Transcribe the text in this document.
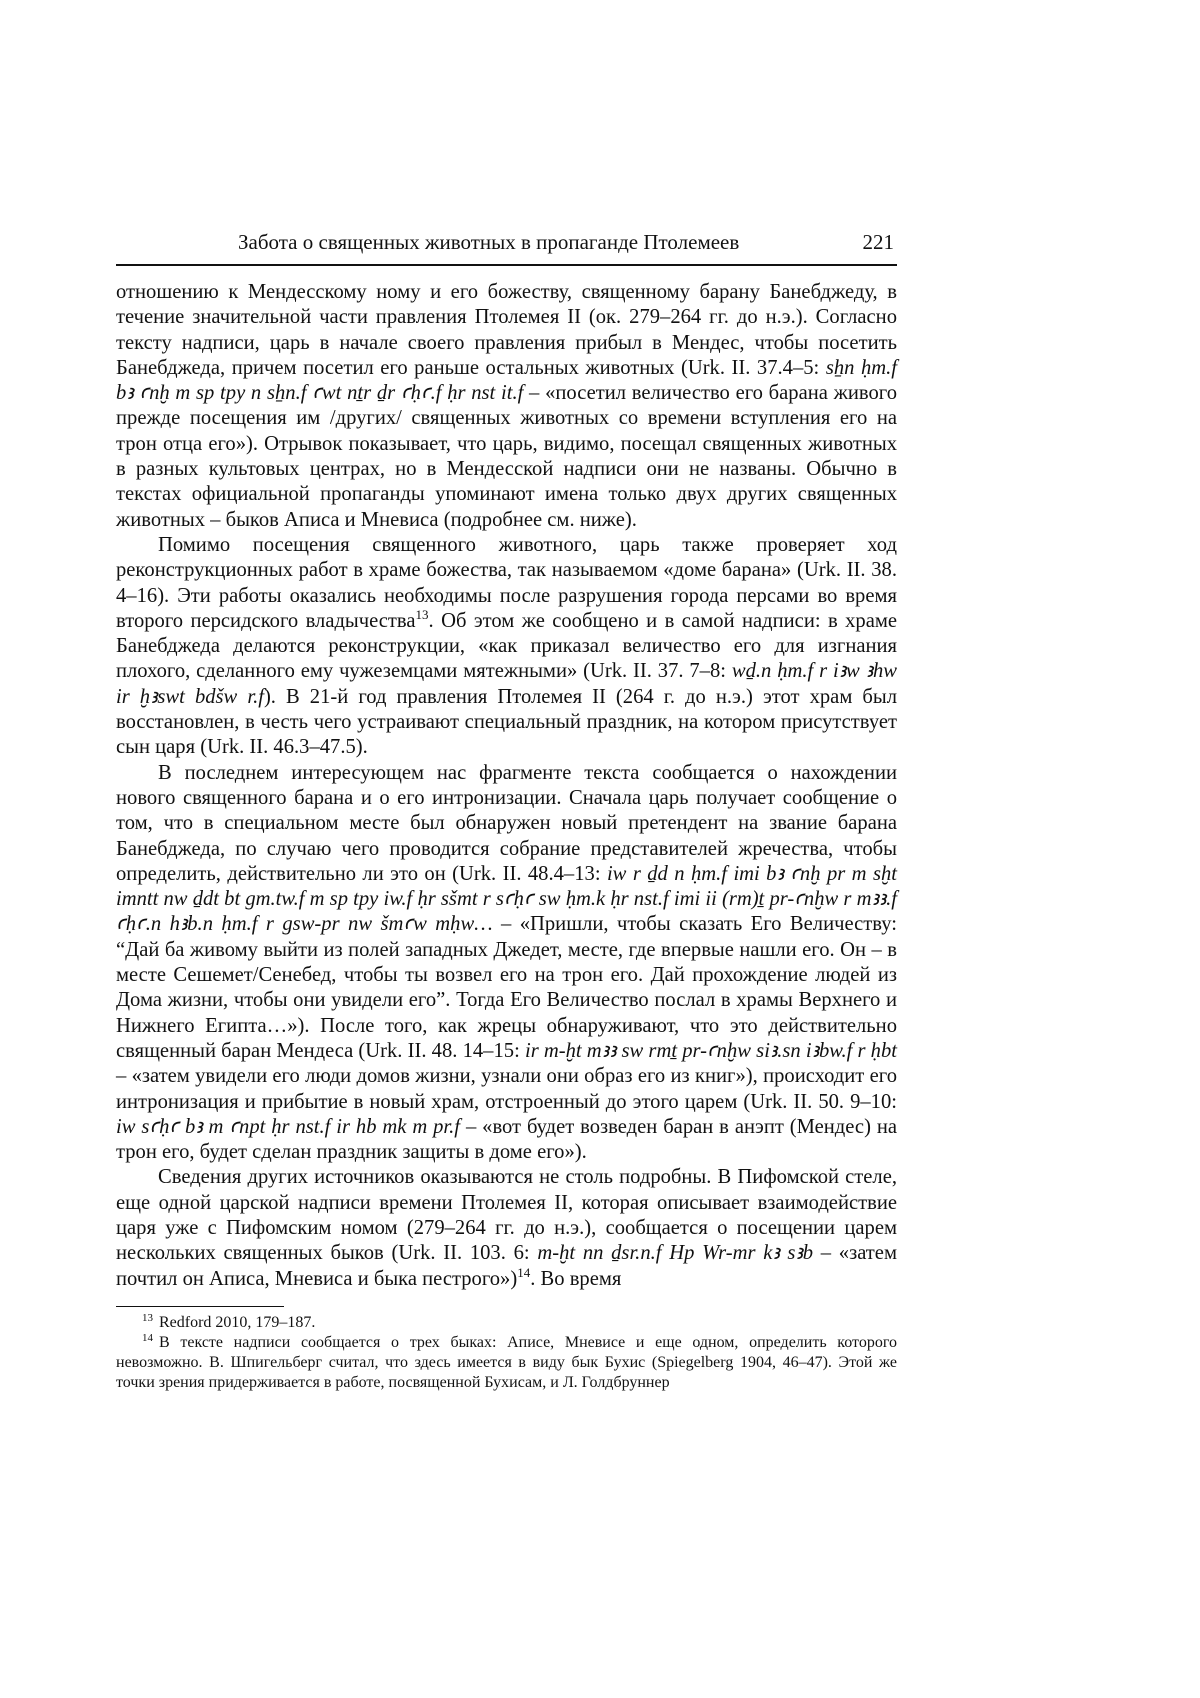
Забота о священных животных в пропаганде Птолемеев	221

отношению к Мендесскому ному и его божеству, священному барану Банебджеду, в течение значительной части правления Птолемея II (ок. 279–264 гг. до н.э.). Согласно тексту надписи, царь в начале своего правления прибыл в Мендес, чтобы посетить Банебджеда, причем посетил его раньше остальных животных (Urk. II. 37.4–5: sẖn ḥm.f bꜣ ꜥnḫ m sp tpy n sẖn.f ꜥwt nṯr ḏr ꜥḥꜥ.f ḥr nst it.f – «посетил величество его барана живого прежде посещения им /других/ священных животных со времени вступления его на трон отца его»). Отрывок показывает, что царь, видимо, посещал священных животных в разных культовых центрах, но в Мендесской надписи они не названы. Обычно в текстах официальной пропаганды упоминают имена только двух других священных животных – быков Аписа и Мневиса (подробнее см. ниже).

Помимо посещения священного животного, царь также проверяет ход реконструкционных работ в храме божества, так называемом «доме барана» (Urk. II. 38. 4–16). Эти работы оказались необходимы после разрушения города персами во время второго персидского владычества$^{13}$. Об этом же сообщено и в самой надписи: в храме Банебджеда делаются реконструкции, «как приказал величество его для изгнания плохого, сделанного ему чужеземцами мятежными» (Urk. II. 37. 7–8: wḏ.n ḥm.f r iꜣw ꜣhw ir ḫꜣswt bdšw r.f). В 21-й год правления Птолемея II (264 г. до н.э.) этот храм был восстановлен, в честь чего устраивают специальный праздник, на котором присутствует сын царя (Urk. II. 46.3–47.5).

В последнем интересующем нас фрагменте текста сообщается о нахождении нового священного барана и о его интронизации. Сначала царь получает сообщение о том, что в специальном месте был обнаружен новый претендент на звание барана Банебджеда, по случаю чего проводится собрание представителей жречества, чтобы определить, действительно ли это он (Urk. II. 48.4–13: iw r ḏd n ḥm.f imi bꜣ ꜥnḫ pr m sḫt imntt nw ḏdt bt gm.tw.f m sp tpy iw.f ḥr sšmt r sꜥḥꜥ sw ḥm.k ḥr nst.f imi ii (rm)ṯ pr-ꜥnḫw r mꜣꜣ.f ꜥḥꜥ.n hꜣb.n ḥm.f r gsw-pr nw šmꜥw mḥw… – «Пришли, чтобы сказать Его Величеству: “Дай ба живому выйти из полей западных Джедет, месте, где впервые нашли его. Он – в месте Сешемет/Сенебед, чтобы ты возвел его на трон его. Дай прохождение людей из Дома жизни, чтобы они увидели его”. Тогда Его Величество послал в храмы Верхнего и Нижнего Египта…»). После того, как жрецы обнаруживают, что это действительно священный баран Мендеса (Urk. II. 48. 14–15: ir m-ḫt mꜣꜣ sw rmṯ pr-ꜥnḫw siꜣ.sn iꜣbw.f r ḥbt – «затем увидели его люди домов жизни, узнали они образ его из книг»), происходит его интронизация и прибытие в новый храм, отстроенный до этого царем (Urk. II. 50. 9–10: iw sꜥḥꜥ bꜣ m ꜥnpt ḥr nst.f ir hb mk m pr.f – «вот будет возведен баран в анэпт (Мендес) на трон его, будет сделан праздник защиты в доме его»).

Сведения других источников оказываются не столь подробны. В Пифомской стеле, еще одной царской надписи времени Птолемея II, которая описывает взаимодействие царя уже с Пифомским номом (279–264 гг. до н.э.), сообщается о посещении царем нескольких священных быков (Urk. II. 103. 6: m-ḫt nn ḏsr.n.f Hp Wr-mr kꜣ sꜣb – «затем почтил он Аписа, Мневиса и быка пестрого»)$^{14}$. Во время

$^{13}$ Redford 2010, 179–187.

$^{14}$ В тексте надписи сообщается о трех быках: Аписе, Мневисе и еще одном, определить которого невозможно. В. Шпигельберг считал, что здесь имеется в виду бык Бухис (Spiegelberg 1904, 46–47). Этой же точки зрения придерживается в работе, посвященной Бухисам, и Л. Голдбруннер
